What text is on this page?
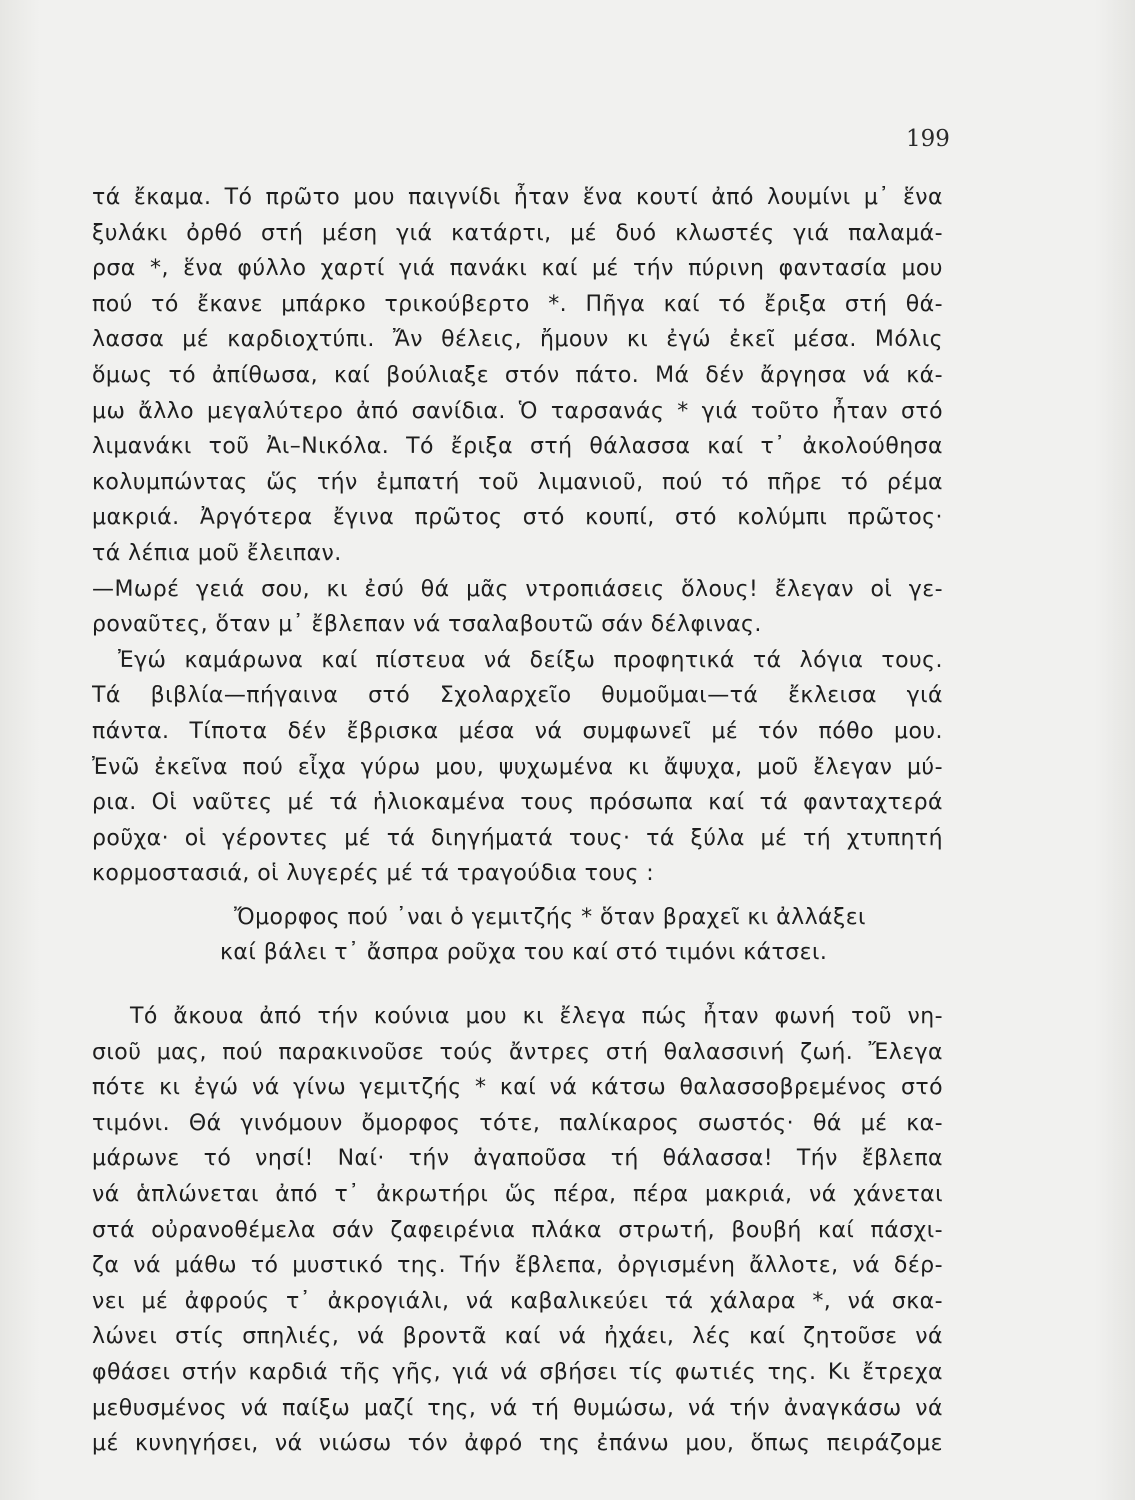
199
τά ἔκαμα. Τό πρῶτο μου παιγνίδι ἦταν ἕνα κουτί ἀπό λουμίνι μ᾽ ἕνα
ξυλάκι ὀρθό στή μέση γιά κατάρτι, μέ δυό κλωστές γιά παλαμά-
ρσα *, ἕνα φύλλο χαρτί γιά πανάκι καί μέ τήν πύρινη φαντασία μου
πού τό ἔκανε μπάρκο τρικούβερτο *. Πῆγα καί τό ἔριξα στή θά-
λασσα μέ καρδιοχτύπι. Ἄν θέλεις, ἤμουν κι ἐγώ ἐκεῖ μέσα. Μόλις
ὅμως τό ἀπίθωσα, καί βούλιαξε στόν πάτο. Μά δέν ἄργησα νά κά-
μω ἄλλο μεγαλύτερο ἀπό σανίδια. Ὁ ταρσανάς * γιά τοῦτο ἦταν στό
λιμανάκι τοῦ Ἀι–Νικόλα. Τό ἔριξα στή θάλασσα καί τ᾽ ἀκολούθησα
κολυμπώντας ὥς τήν ἐμπατή τοῦ λιμανιοῦ, πού τό πῆρε τό ρέμα
μακριά. Ἀργότερα ἔγινα πρῶτος στό κουπί, στό κολύμπι πρῶτος·
τά λέπια μοῦ ἔλειπαν.
—Μωρέ γειά σου, κι ἐσύ θά μᾶς ντροπιάσεις ὅλους! ἔλεγαν οἱ γε-
ροναῦτες, ὅταν μ᾽ ἔβλεπαν νά τσαλαβουτῶ σάν δέλφινας.
Ἐγώ καμάρωνα καί πίστευα νά δείξω προφητικά τά λόγια τους.
Τά βιβλία—πήγαινα στό Σχολαρχεῖο θυμοῦμαι—τά ἔκλεισα γιά
πάντα. Τίποτα δέν ἔβρισκα μέσα νά συμφωνεῖ μέ τόν πόθο μου.
Ἐνῶ ἐκεῖνα πού εἶχα γύρω μου, ψυχωμένα κι ἄψυχα, μοῦ ἔλεγαν μύ-
ρια. Οἱ ναῦτες μέ τά ἡλιοκαμένα τους πρόσωπα καί τά φανταχτερά
ροῦχα· οἱ γέροντες μέ τά διηγήματά τους· τά ξύλα μέ τή χτυπητή
κορμοστασιά, οἱ λυγερές μέ τά τραγούδια τους :
Ὄμορφος πού ᾽ναι ὁ γεμιτζής * ὅταν βραχεῖ κι ἀλλάξει
καί βάλει τ᾽ ἄσπρα ροῦχα του καί στό τιμόνι κάτσει.
Τό ἄκουα ἀπό τήν κούνια μου κι ἔλεγα πώς ἦταν φωνή τοῦ νη-
σιοῦ μας, πού παρακινοῦσε τούς ἄντρες στή θαλασσινή ζωή. Ἔλεγα
πότε κι ἐγώ νά γίνω γεμιτζής * καί νά κάτσω θαλασσοβρεμένος στό
τιμόνι. Θά γινόμουν ὄμορφος τότε, παλίκαρος σωστός· θά μέ κα-
μάρωνε τό νησί! Ναί· τήν ἀγαποῦσα τή θάλασσα! Τήν ἔβλεπα
νά ἁπλώνεται ἀπό τ᾽ ἀκρωτήρι ὥς πέρα, πέρα μακριά, νά χάνεται
στά οὐρανοθέμελα σάν ζαφειρένια πλάκα στρωτή, βουβή καί πάσχι-
ζα νά μάθω τό μυστικό της. Τήν ἔβλεπα, ὀργισμένη ἄλλοτε, νά δέρ-
νει μέ ἀφρούς τ᾽ ἀκρογιάλι, νά καβαλικεύει τά χάλαρα *, νά σκα-
λώνει στίς σπηλιές, νά βροντᾶ καί νά ἠχάει, λές καί ζητοῦσε νά
φθάσει στήν καρδιά τῆς γῆς, γιά νά σβήσει τίς φωτιές της. Κι ἔτρεχα
μεθυσμένος νά παίξω μαζί της, νά τή θυμώσω, νά τήν ἀναγκάσω νά
μέ κυνηγήσει, νά νιώσω τόν ἀφρό της ἐπάνω μου, ὅπως πειράζομε
